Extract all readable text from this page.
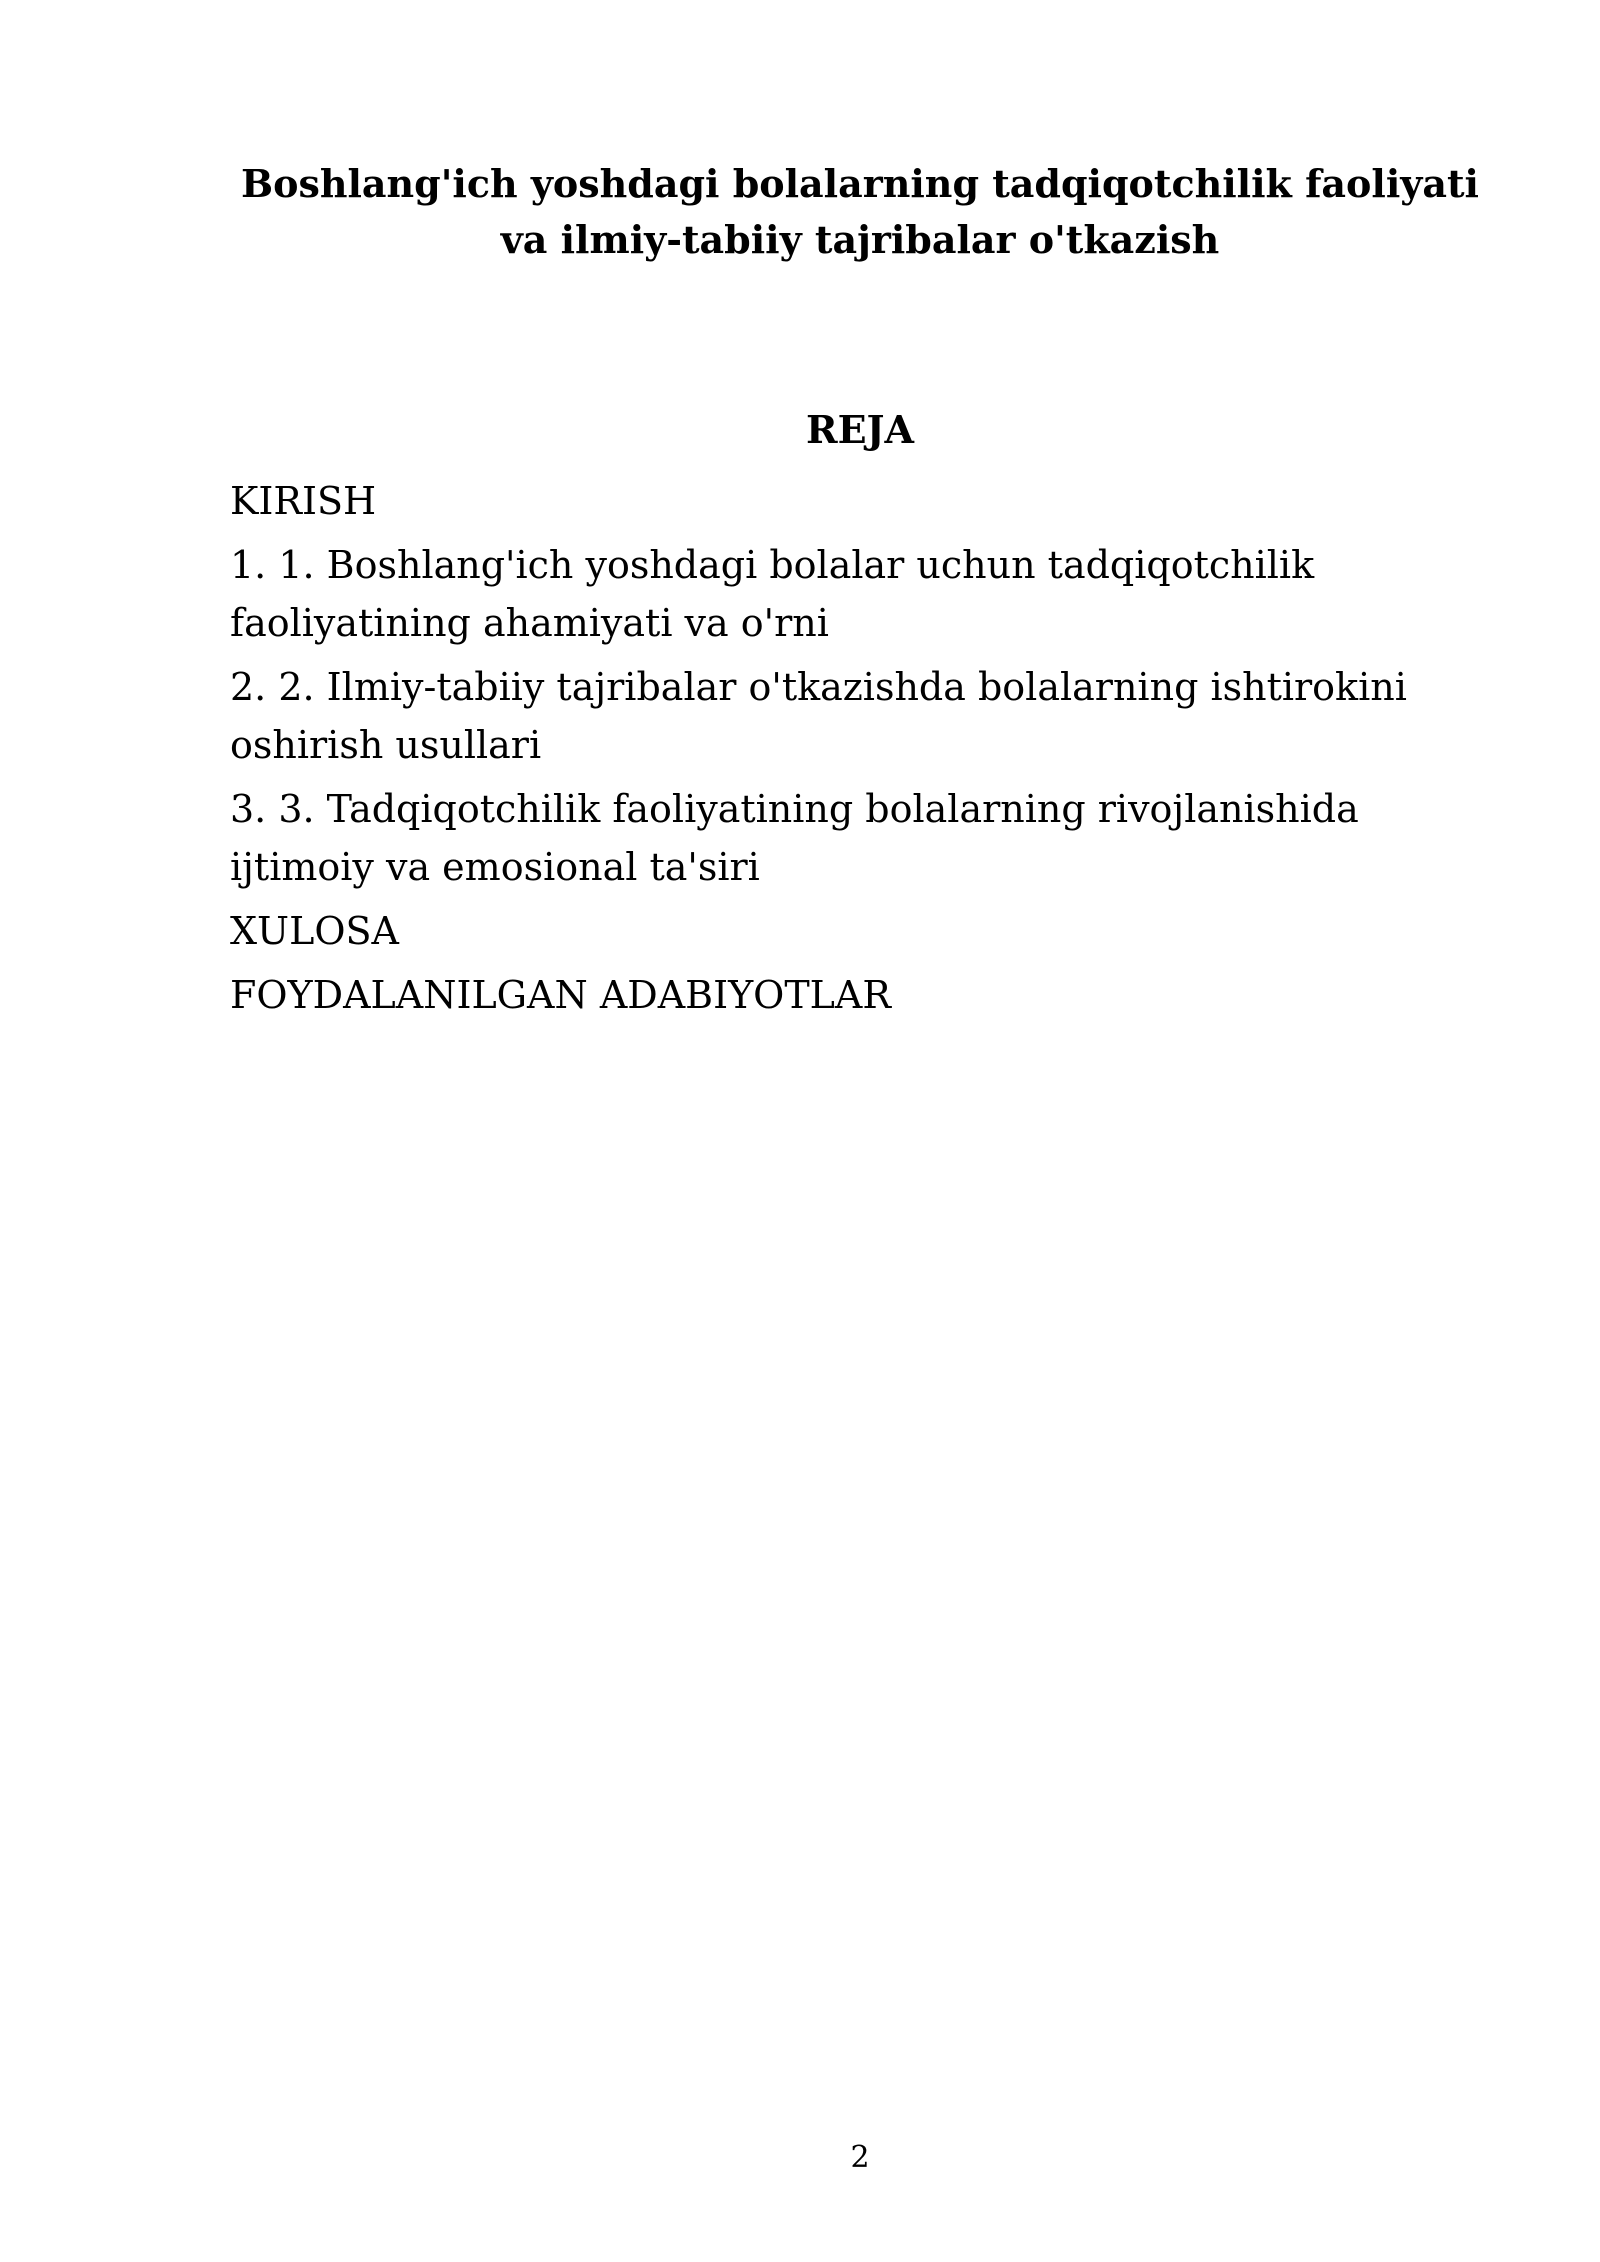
Boshlang'ich yoshdagi bolalarning tadqiqotchilik faoliyati
va ilmiy-tabiiy tajribalar o'tkazish
REJA
KIRISH
1. 1. Boshlang'ich yoshdagi bolalar uchun tadqiqotchilik faoliyatining ahamiyati va o'rni
2. 2. Ilmiy-tabiiy tajribalar o'tkazishda bolalarning ishtirokini oshirish usullari
3. 3. Tadqiqotchilik faoliyatining bolalarning rivojlanishida ijtimoiy va emosional ta'siri
XULOSA
FOYDALANILGAN ADABIYOTLAR
2
